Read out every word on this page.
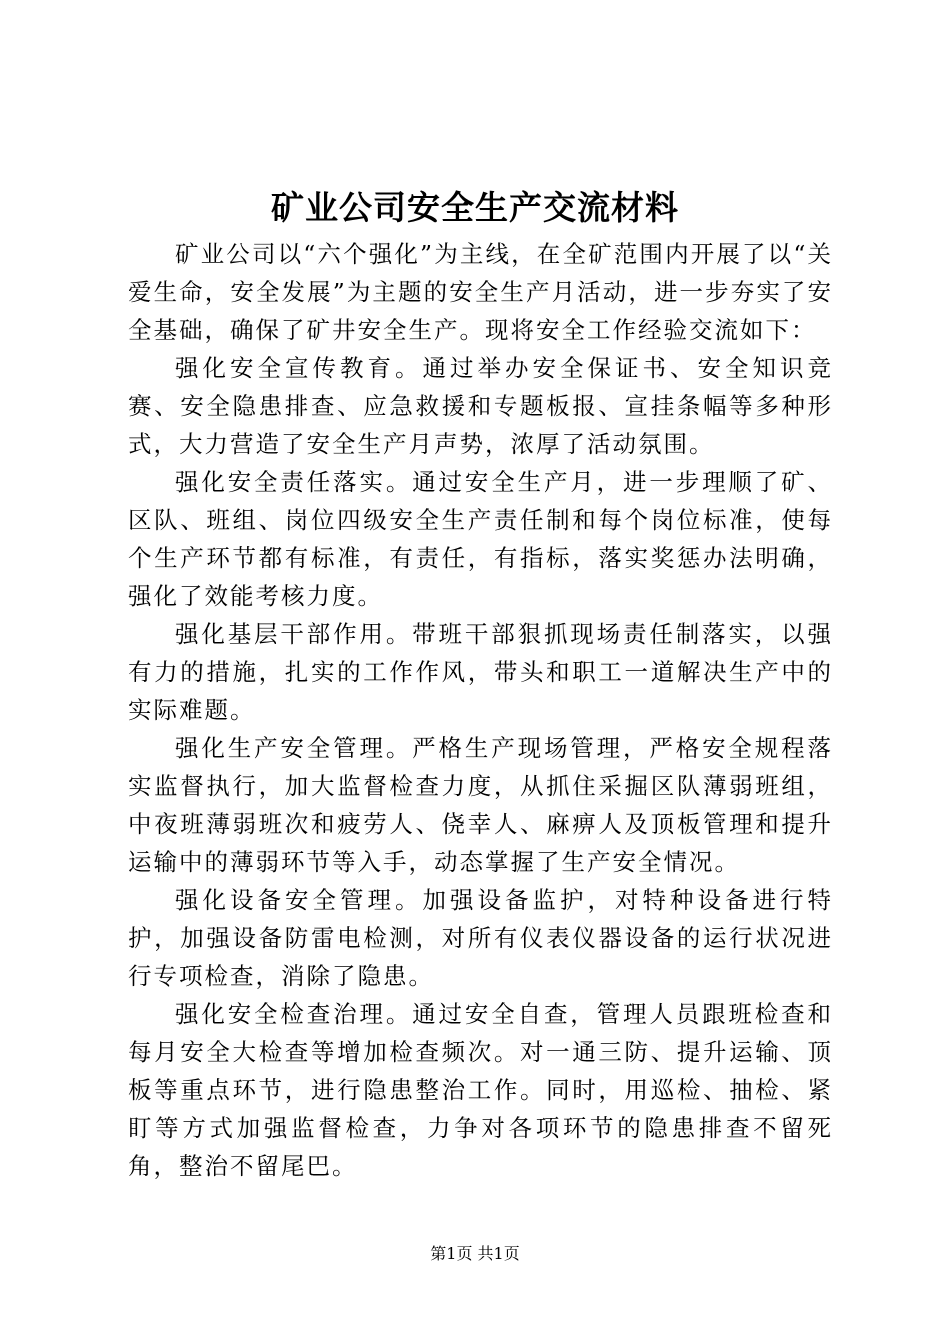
矿业公司安全生产交流材料

矿业公司以“六个强化”为主线，在全矿范围内开展了以“关爱生命，安全发展”为主题的安全生产月活动，进一步夯实了安全基础，确保了矿井安全生产。现将安全工作经验交流如下：

强化安全宣传教育。通过举办安全保证书、安全知识竞赛、安全隐患排查、应急救援和专题板报、宣挂条幅等多种形式，大力营造了安全生产月声势，浓厚了活动氛围。

强化安全责任落实。通过安全生产月，进一步理顺了矿、区队、班组、岗位四级安全生产责任制和每个岗位标准，使每个生产环节都有标准，有责任，有指标，落实奖惩办法明确，强化了效能考核力度。

强化基层干部作用。带班干部狠抓现场责任制落实，以强有力的措施，扎实的工作作风，带头和职工一道解决生产中的实际难题。

强化生产安全管理。严格生产现场管理，严格安全规程落实监督执行，加大监督检查力度，从抓住采掘区队薄弱班组，中夜班薄弱班次和疲劳人、侥幸人、麻痹人及顶板管理和提升运输中的薄弱环节等入手，动态掌握了生产安全情况。

强化设备安全管理。加强设备监护，对特种设备进行特护，加强设备防雷电检测，对所有仪表仪器设备的运行状况进行专项检查，消除了隐患。

强化安全检查治理。通过安全自查，管理人员跟班检查和每月安全大检查等增加检查频次。对一通三防、提升运输、顶板等重点环节，进行隐患整治工作。同时，用巡检、抽检、紧盯等方式加强监督检查，力争对各项环节的隐患排查不留死角，整治不留尾巴。

第1页 共1页
